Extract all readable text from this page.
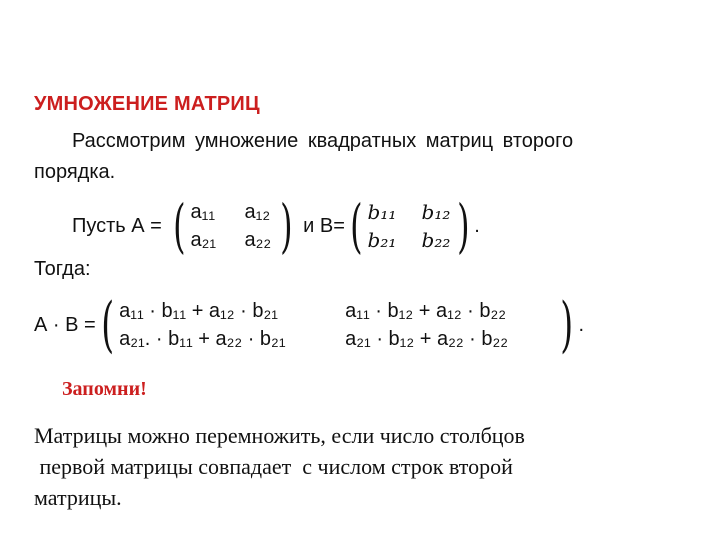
УМНОЖЕНИЕ МАТРИЦ
Рассмотрим умножение квадратных матриц второго
порядка.
Пусть А = ( a₁₁	a₁₂
a₂₁	a₂₂ ) и В= ( b₁₁	b₁₂
b₂₁	b₂₂ ) .
Тогда:
А · В = ( a₁₁ · b₁₁ + a₁₂ · b₂₁	a₁₁ · b₁₂ + a₁₂ · b₂₂
a₂₁. · b₁₁ + a₂₂ · b₂₁	a₂₁ · b₁₂ + a₂₂ · b₂₂ ) .
Запомни!
Матрицы можно перемножить, если число столбцов
первой матрицы совпадает  с числом строк второй
матрицы.
